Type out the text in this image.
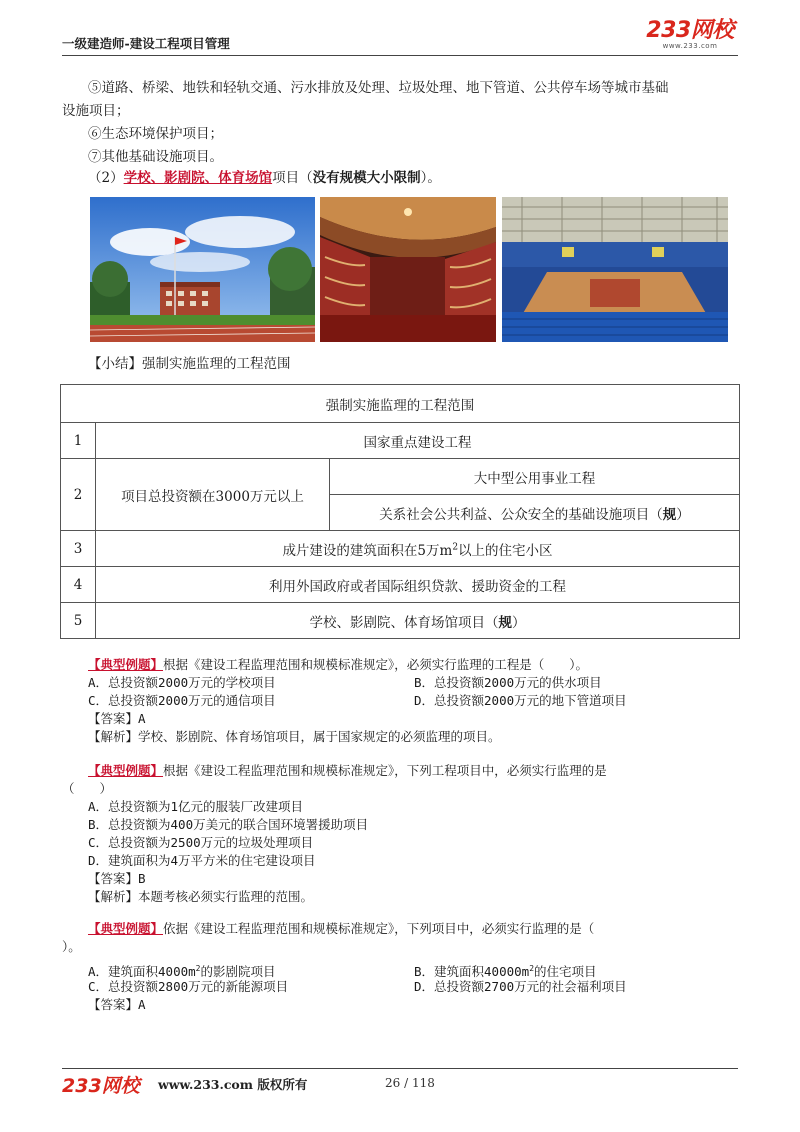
一级建造师-建设工程项目管理
233网校
www.233.com
⑤道路、桥梁、地铁和轻轨交通、污水排放及处理、垃圾处理、地下管道、公共停车场等城市基础
设施项目；
⑥生态环境保护项目；
⑦其他基础设施项目。
（2）学校、影剧院、体育场馆项目（没有规模大小限制）。
【小结】强制实施监理的工程范围
强制实施监理的工程范围		
1	国家重点建设工程	
2	项目总投资额在3000万元以上	大中型公用事业工程
		关系社会公共利益、公众安全的基础设施项目（规）
3	成片建设的建筑面积在5万$m^2$以上的住宅小区	
4	利用外国政府或者国际组织贷款、援助资金的工程	
5	学校、影剧院、体育场馆项目（规）	
【典型例题】根据《建设工程监理范围和规模标准规定》，必须实行监理的工程是（　　）。
A．总投资额2000万元的学校项目	B．总投资额2000万元的供水项目
C．总投资额2000万元的通信项目	D．总投资额2000万元的地下管道项目
【答案】A
【解析】学校、影剧院、体育场馆项目，属于国家规定的必须监理的项目。
【典型例题】根据《建设工程监理范围和规模标准规定》，下列工程项目中，必须实行监理的是
（　　）
A．总投资额为1亿元的服装厂改建项目
B．总投资额为400万美元的联合国环境署援助项目
C．总投资额为2500万元的垃圾处理项目
D．建筑面积为4万平方米的住宅建设项目
【答案】B
【解析】本题考核必须实行监理的范围。
【典型例题】依据《建设工程监理范围和规模标准规定》，下列项目中，必须实行监理的是（
）。
A．建筑面积$4000m^2$的影剧院项目	B．建筑面积$40000m^2$的住宅项目
C．总投资额2800万元的新能源项目	D．总投资额2700万元的社会福利项目
【答案】A
233网校 www.233.com 版权所有	26 / 118
